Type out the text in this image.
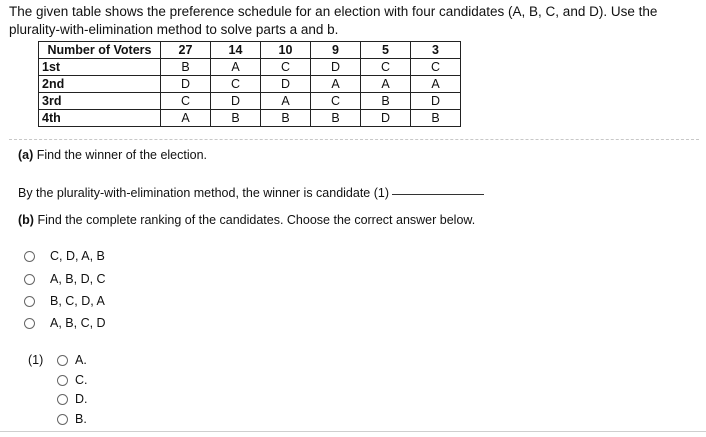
The given table shows the preference schedule for an election with four candidates (A, B, C, and D). Use the plurality-with-elimination method to solve parts a and b.
Number of Voters	27	14	10	9	5	3
1st	B	A	C	D	C	C
2nd	D	C	D	A	A	A
3rd	C	D	A	C	B	D
4th	A	B	B	B	D	B
(a) Find the winner of the election.
By the plurality-with-elimination method, the winner is candidate (1)
(b) Find the complete ranking of the candidates. Choose the correct answer below.
C, D, A, B
A, B, D, C
B, C, D, A
A, B, C, D
(1)	A.
C.
D.
B.
